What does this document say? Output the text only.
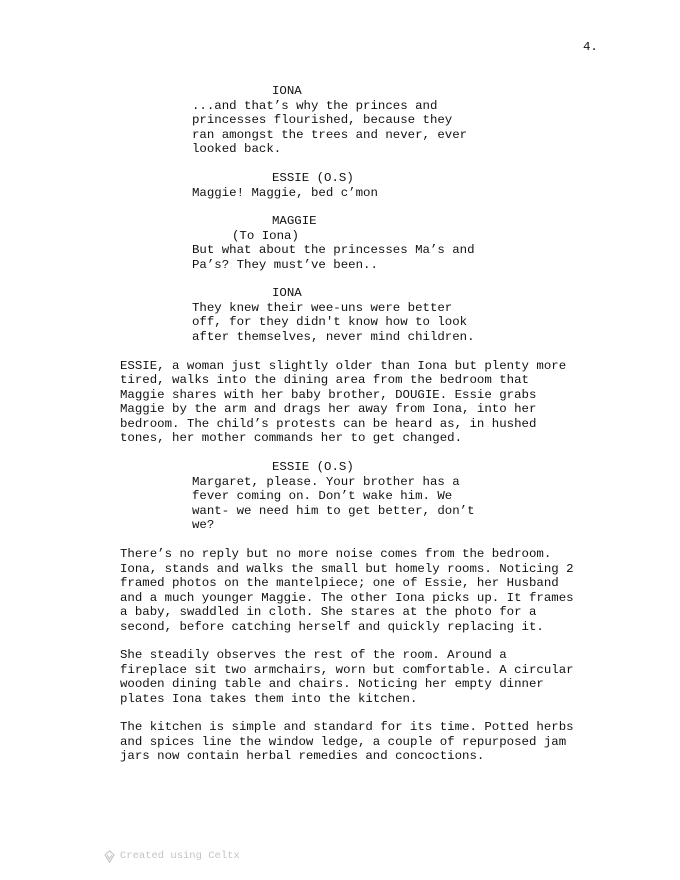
4.
IONA
...and that’s why the princes and
princesses flourished, because they
ran amongst the trees and never, ever
looked back.
ESSIE (O.S)
Maggie! Maggie, bed c’mon
MAGGIE
(To Iona)
But what about the princesses Ma’s and
Pa’s? They must’ve been..
IONA
They knew their wee-uns were better
off, for they didn't know how to look
after themselves, never mind children.
ESSIE, a woman just slightly older than Iona but plenty more
tired, walks into the dining area from the bedroom that
Maggie shares with her baby brother, DOUGIE. Essie grabs
Maggie by the arm and drags her away from Iona, into her
bedroom. The child’s protests can be heard as, in hushed
tones, her mother commands her to get changed.
ESSIE (O.S)
Margaret, please. Your brother has a
fever coming on. Don’t wake him. We
want- we need him to get better, don’t
we?
There’s no reply but no more noise comes from the bedroom.
Iona, stands and walks the small but homely rooms. Noticing 2
framed photos on the mantelpiece; one of Essie, her Husband
and a much younger Maggie. The other Iona picks up. It frames
a baby, swaddled in cloth. She stares at the photo for a
second, before catching herself and quickly replacing it.
She steadily observes the rest of the room. Around a
fireplace sit two armchairs, worn but comfortable. A circular
wooden dining table and chairs. Noticing her empty dinner
plates Iona takes them into the kitchen.
The kitchen is simple and standard for its time. Potted herbs
and spices line the window ledge, a couple of repurposed jam
jars now contain herbal remedies and concoctions.
Created using Celtx
